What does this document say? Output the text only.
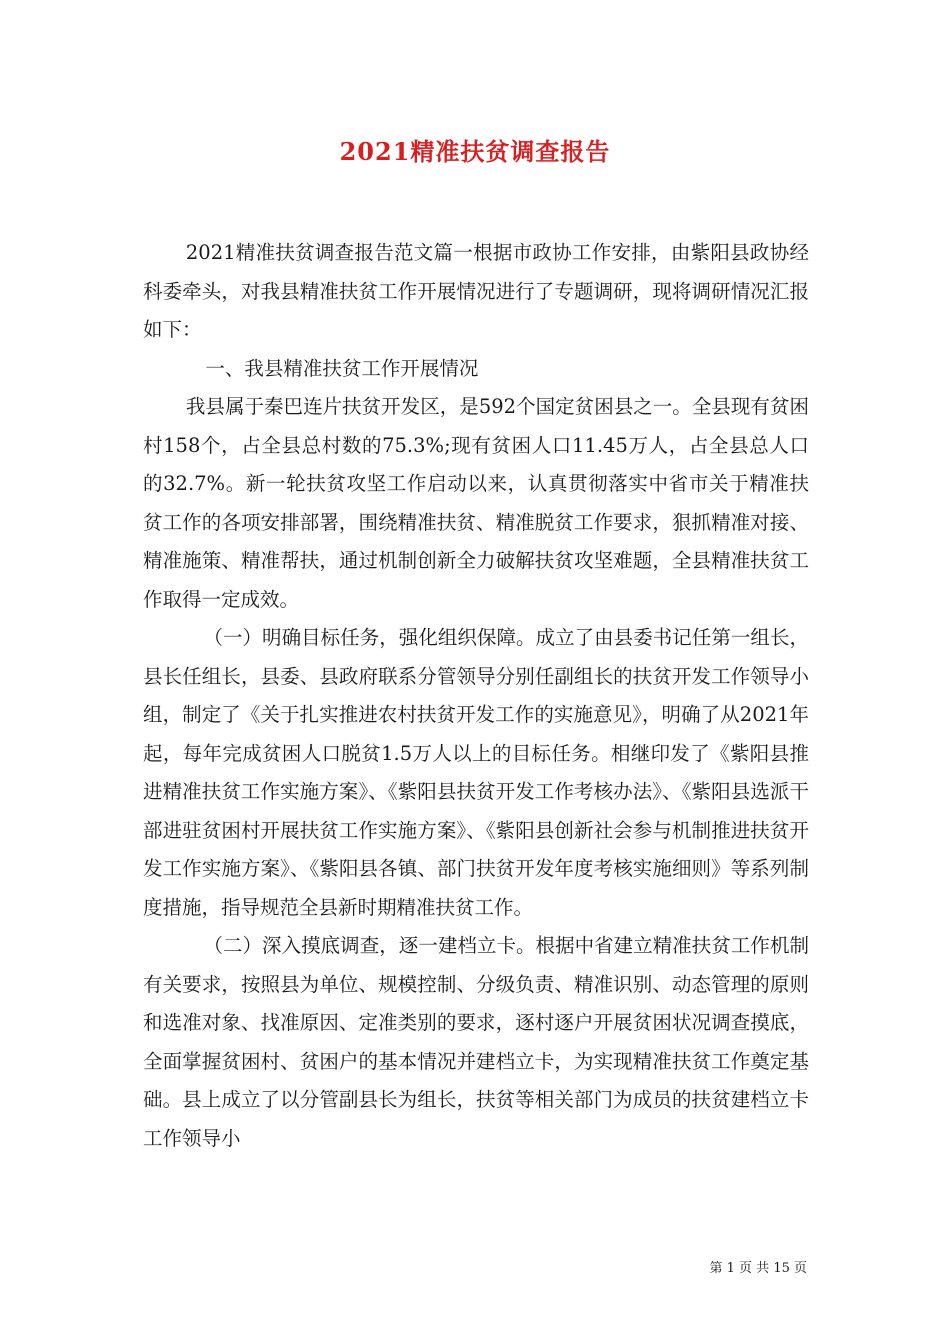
2021精准扶贫调查报告

2021精准扶贫调查报告范文篇一根据市政协工作安排，由紫阳县政协经科委牵头，对我县精准扶贫工作开展情况进行了专题调研，现将调研情况汇报如下：

一、我县精准扶贫工作开展情况

我县属于秦巴连片扶贫开发区，是592个国定贫困县之一。全县现有贫困村158个，占全县总村数的75.3%;现有贫困人口11.45万人，占全县总人口的32.7%。新一轮扶贫攻坚工作启动以来，认真贯彻落实中省市关于精准扶贫工作的各项安排部署，围绕精准扶贫、精准脱贫工作要求，狠抓精准对接、精准施策、精准帮扶，通过机制创新全力破解扶贫攻坚难题，全县精准扶贫工作取得一定成效。

（一）明确目标任务，强化组织保障。成立了由县委书记任第一组长，县长任组长，县委、县政府联系分管领导分别任副组长的扶贫开发工作领导小组，制定了《关于扎实推进农村扶贫开发工作的实施意见》，明确了从2021年起，每年完成贫困人口脱贫1.5万人以上的目标任务。相继印发了《紫阳县推进精准扶贫工作实施方案》、《紫阳县扶贫开发工作考核办法》、《紫阳县选派干部进驻贫困村开展扶贫工作实施方案》、《紫阳县创新社会参与机制推进扶贫开发工作实施方案》、《紫阳县各镇、部门扶贫开发年度考核实施细则》等系列制度措施，指导规范全县新时期精准扶贫工作。

（二）深入摸底调查，逐一建档立卡。根据中省建立精准扶贫工作机制有关要求，按照县为单位、规模控制、分级负责、精准识别、动态管理的原则和选准对象、找准原因、定准类别的要求，逐村逐户开展贫困状况调查摸底，全面掌握贫困村、贫困户的基本情况并建档立卡，为实现精准扶贫工作奠定基础。县上成立了以分管副县长为组长，扶贫等相关部门为成员的扶贫建档立卡工作领导小

第 1 页 共 15 页
